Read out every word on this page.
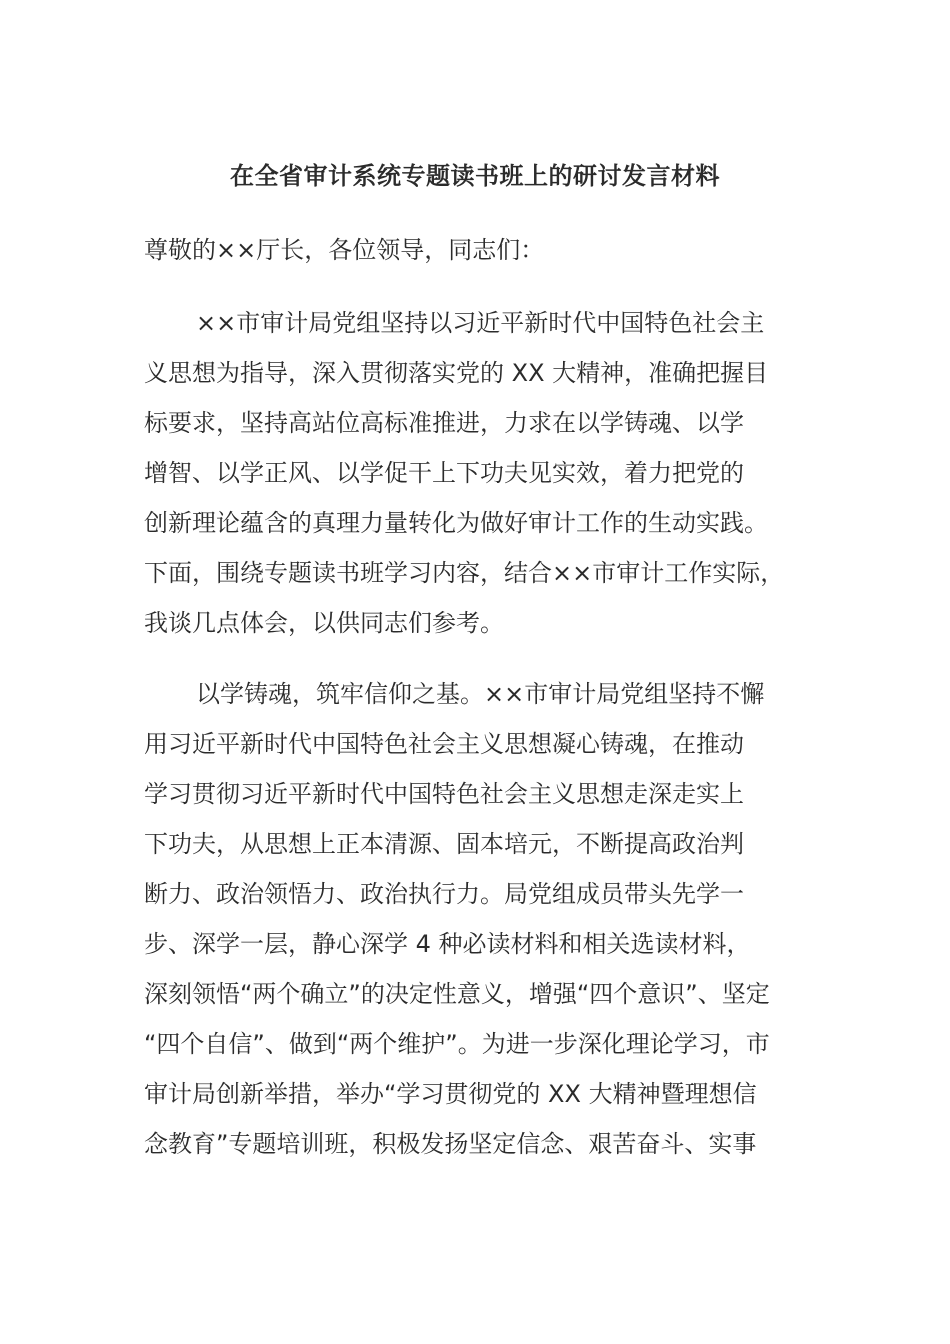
在全省审计系统专题读书班上的研讨发言材料
尊敬的××厅长，各位领导，同志们：
××市审计局党组坚持以习近平新时代中国特色社会主
义思想为指导，深入贯彻落实党的 XX 大精神，准确把握目
标要求，坚持高站位高标准推进，力求在以学铸魂、以学
增智、以学正风、以学促干上下功夫见实效，着力把党的
创新理论蕴含的真理力量转化为做好审计工作的生动实践。
下面，围绕专题读书班学习内容，结合××市审计工作实际，
我谈几点体会，以供同志们参考。
以学铸魂，筑牢信仰之基。××市审计局党组坚持不懈
用习近平新时代中国特色社会主义思想凝心铸魂，在推动
学习贯彻习近平新时代中国特色社会主义思想走深走实上
下功夫，从思想上正本清源、固本培元，不断提高政治判
断力、政治领悟力、政治执行力。局党组成员带头先学一
步、深学一层，静心深学 4 种必读材料和相关选读材料，
深刻领悟“两个确立”的决定性意义，增强“四个意识”、坚定
“四个自信”、做到“两个维护”。为进一步深化理论学习，市
审计局创新举措，举办“学习贯彻党的 XX 大精神暨理想信
念教育”专题培训班，积极发扬坚定信念、艰苦奋斗、实事
